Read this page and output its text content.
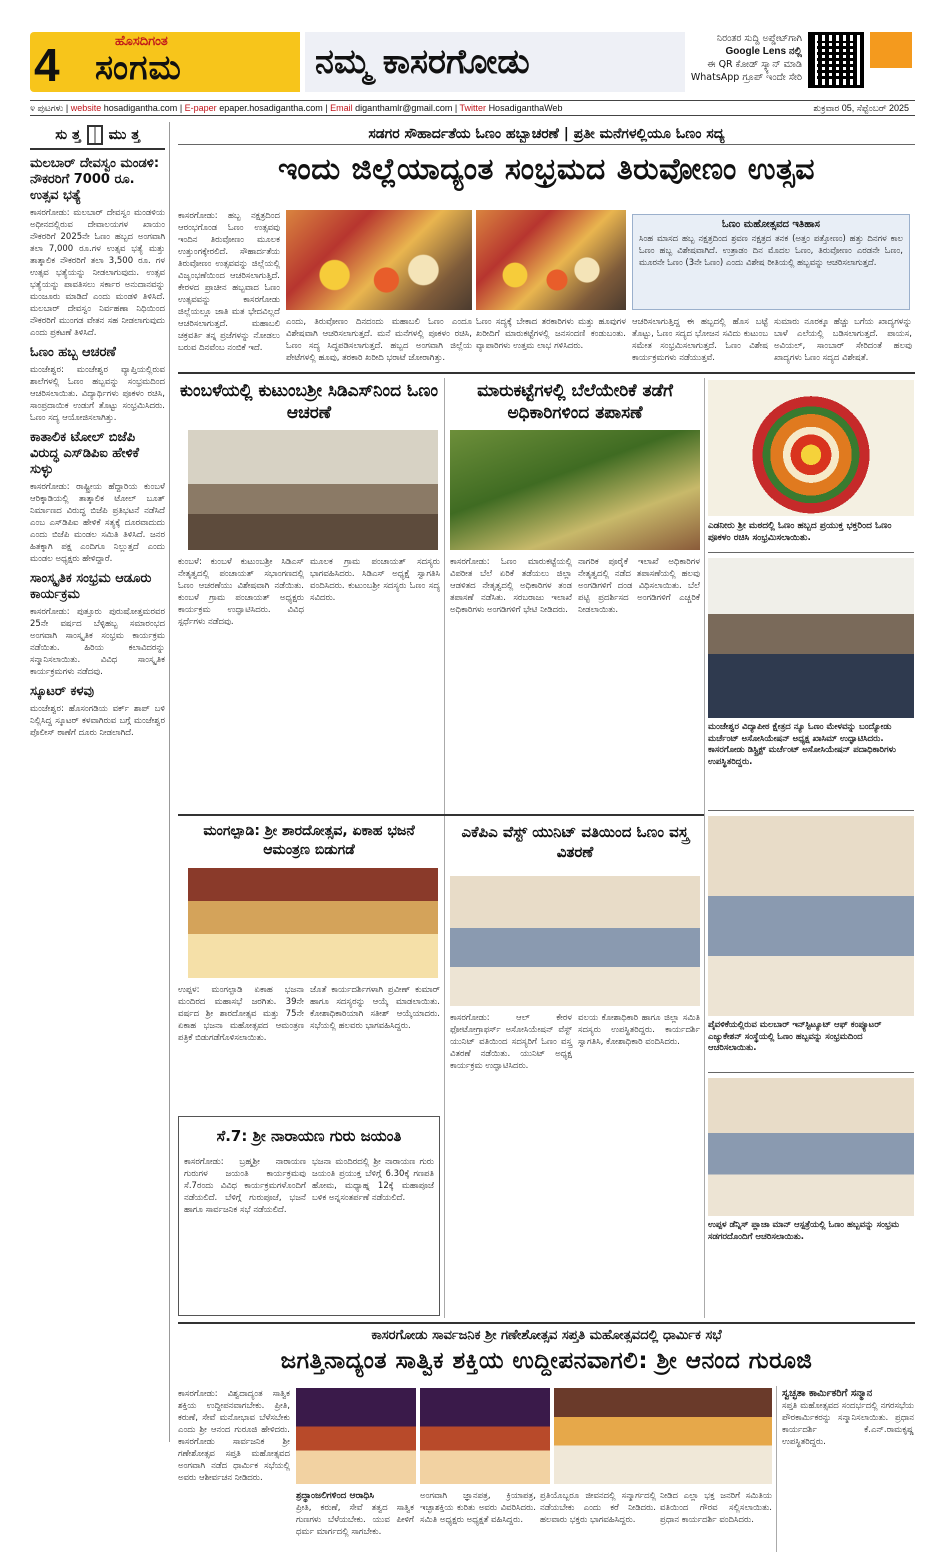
4	ಹೊಸದಿಗಂತ
ಸಂಗಮ	ನಮ್ಮ ಕಾಸರಗೋಡು
ನಿರಂತರ ಸುದ್ದಿ ಅಪ್ಡೇಟ್‌ಗಾಗಿ
Google Lens ನಲ್ಲಿ
ಈ QR ಕೋಡ್ ಸ್ಕ್ಯಾನ್ ಮಾಡಿ
WhatsApp ಗ್ರೂಪ್ ಇಂದೇ ಸೇರಿ
೪ ಪುಟಗಳು | website hosadigantha.com | E-paper epaper.hosadigantha.com | Email diganthamlr@gmail.com | Twitter HosadiganthaWeb	ಶುಕ್ರವಾರ 05, ಸೆಪ್ಟೆಂಬರ್ 2025
ಸು ತ್ತ ಮು ತ್ತ
ಮಲಬಾರ್ ದೇವಸ್ವಂ ಮಂಡಳಿ: ನೌಕರರಿಗೆ 7000 ರೂ. ಉತ್ಸವ ಭತ್ಯೆ
ಕಾಸರಗೋಡು: ಮಲಬಾರ್ ದೇವಸ್ವಂ ಮಂಡಳಿಯ ಅಧೀನದಲ್ಲಿರುವ ದೇವಾಲಯಗಳ ಖಾಯಂ ನೌಕರರಿಗೆ 2025ನೇ ಓಣಂ ಹಬ್ಬದ ಅಂಗವಾಗಿ ತಲಾ 7,000 ರೂ.ಗಳ ಉತ್ಸವ ಭತ್ಯೆ ಮತ್ತು ತಾತ್ಕಾಲಿಕ ನೌಕರರಿಗೆ ತಲಾ 3,500 ರೂ. ಗಳ ಉತ್ಸವ ಭತ್ಯೆಯನ್ನು ನೀಡಲಾಗುವುದು. ಉತ್ಸವ ಭತ್ಯೆಯನ್ನು ಪಾವತಿಸಲು ಸರ್ಕಾರ ಅನುದಾನವನ್ನು ಮಂಜೂರು ಮಾಡಿದೆ ಎಂದು ಮಂಡಳಿ ತಿಳಿಸಿದೆ. ಮಲಬಾರ್ ದೇವಸ್ವಂ ನಿರ್ವಹಣಾ ನಿಧಿಯಿಂದ ನೌಕರರಿಗೆ ಮುಂಗಡ ವೇತನ ಸಹ ನೀಡಲಾಗುವುದು ಎಂದು ಪ್ರಕಟಣೆ ತಿಳಿಸಿದೆ.
ಓಣಂ ಹಬ್ಬ ಆಚರಣೆ
ಮಂಜೇಶ್ವರ: ಮಂಜೇಶ್ವರ ವ್ಯಾಪ್ತಿಯಲ್ಲಿರುವ ಶಾಲೆಗಳಲ್ಲಿ ಓಣಂ ಹಬ್ಬವನ್ನು ಸಂಭ್ರಮದಿಂದ ಆಚರಿಸಲಾಯಿತು. ವಿದ್ಯಾರ್ಥಿಗಳು ಪೂಕಳಂ ರಚಿಸಿ, ಸಾಂಪ್ರದಾಯಿಕ ಉಡುಗೆ ತೊಟ್ಟು ಸಂಭ್ರಮಿಸಿದರು. ಓಣಂ ಸದ್ಯ ಆಯೋಜಿಸಲಾಗಿತ್ತು.
ಕಾತಾಲಿಕ ಟೋಲ್ ಬಿಜೆಪಿ ವಿರುದ್ಧ ಎಸ್‌ಡಿಪಿಐ ಹೇಳಿಕೆ ಸುಳ್ಳು
ಕಾಸರಗೋಡು: ರಾಷ್ಟ್ರೀಯ ಹೆದ್ದಾರಿಯ ಕುಂಬಳೆ ಆರಿಕ್ಕಾಡಿಯಲ್ಲಿ ತಾತ್ಕಾಲಿಕ ಟೋಲ್ ಬೂತ್ ನಿರ್ಮಾಣದ ವಿರುದ್ಧ ಬಿಜೆಪಿ ಪ್ರತಿಭಟನೆ ನಡೆಸಿದೆ ಎಂಬ ಎಸ್‌ಡಿಪಿಐ ಹೇಳಿಕೆ ಸತ್ಯಕ್ಕೆ ದೂರವಾದುದು ಎಂದು ಬಿಜೆಪಿ ಮಂಡಲ ಸಮಿತಿ ತಿಳಿಸಿದೆ. ಜನರ ಹಿತಕ್ಕಾಗಿ ಪಕ್ಷ ಎಂದಿಗೂ ನಿಲ್ಲುತ್ತದೆ ಎಂದು ಮಂಡಲ ಅಧ್ಯಕ್ಷರು ಹೇಳಿದ್ದಾರೆ.
ಸಾಂಸ್ಕೃತಿಕ ಸಂಭ್ರಮ ಆಡೂರು ಕಾರ್ಯಕ್ರಮ
ಕಾಸರಗೋಡು: ಪುತ್ತೂರು ಪುರುಷೋತ್ತಮರವರ 25ನೇ ವರ್ಷದ ಬೆಳ್ಳಿಹಬ್ಬ ಸಮಾರಂಭದ ಅಂಗವಾಗಿ ಸಾಂಸ್ಕೃತಿಕ ಸಂಭ್ರಮ ಕಾರ್ಯಕ್ರಮ ನಡೆಯಿತು. ಹಿರಿಯ ಕಲಾವಿದರನ್ನು ಸನ್ಮಾನಿಸಲಾಯಿತು. ವಿವಿಧ ಸಾಂಸ್ಕೃತಿಕ ಕಾರ್ಯಕ್ರಮಗಳು ನಡೆದವು.
ಸ್ಕೂಟರ್ ಕಳವು
ಮಂಜೇಶ್ವರ: ಹೊಸಂಗಡಿಯ ವರ್ಕ್ ಶಾಪ್ ಬಳಿ ನಿಲ್ಲಿಸಿದ್ದ ಸ್ಕೂಟರ್ ಕಳವಾಗಿರುವ ಬಗ್ಗೆ ಮಂಜೇಶ್ವರ ಪೊಲೀಸ್ ಠಾಣೆಗೆ ದೂರು ನೀಡಲಾಗಿದೆ.
ಸಡಗರ ಸೌಹಾರ್ದತೆಯ ಓಣಂ ಹಬ್ಬಾಚರಣೆ | ಪ್ರತೀ ಮನೆಗಳಲ್ಲಿಯೂ ಓಣಂ ಸದ್ಯ
ಇಂದು ಜಿಲ್ಲೆಯಾದ್ಯಂತ ಸಂಭ್ರಮದ ತಿರುವೋಣಂ ಉತ್ಸವ
ಕಾಸರಗೋಡು: ಹಬ್ಬ ನಕ್ಷತ್ರದಿಂದ ಆರಂಭಗೊಂಡ ಓಣಂ ಉತ್ಸವವು ಇಂದಿನ ತಿರುವೋಣಂ ಮೂಲಕ ಉತ್ತುಂಗಕ್ಕೇರಲಿದೆ. ಸೌಹಾರ್ದತೆಯ ತಿರುವೋಣಂ ಉತ್ಸವವನ್ನು ಜಿಲ್ಲೆಯಲ್ಲಿ ವಿಜೃಂಭಣೆಯಿಂದ ಆಚರಿಸಲಾಗುತ್ತಿದೆ. ಕೇರಳದ ಪ್ರಾಚೀನ ಹಬ್ಬವಾದ ಓಣಂ ಉತ್ಸವವನ್ನು ಕಾಸರಗೋಡು ಜಿಲ್ಲೆಯಲ್ಲೂ ಜಾತಿ ಮತ ಭೇದವಿಲ್ಲದೆ ಆಚರಿಸಲಾಗುತ್ತದೆ. ಮಹಾಬಲಿ ಚಕ್ರವರ್ತಿ ತನ್ನ ಪ್ರಜೆಗಳನ್ನು ನೋಡಲು ಬರುವ ದಿನವೆಂಬ ನಂಬಿಕೆ ಇದೆ.
ಎಂದು, ತಿರುವೋಣಂ ದಿನದಂದು ಮಹಾಬಲಿ ಓಣಂ ಎಂದೂ ವಿಶೇಷವಾಗಿ ಆಚರಿಸಲಾಗುತ್ತದೆ. ಮನೆ ಮನೆಗಳಲ್ಲಿ ಪೂಕಳಂ ರಚಿಸಿ, ಓಣಂ ಸದ್ಯ ಸಿದ್ಧಪಡಿಸಲಾಗುತ್ತದೆ. ಹಬ್ಬದ ಅಂಗವಾಗಿ ಜಿಲ್ಲೆಯ ಪೇಟೆಗಳಲ್ಲಿ ಹೂವು, ತರಕಾರಿ ಖರೀದಿ ಭರಾಟೆ ಜೋರಾಗಿತ್ತು.
ಓಣಂ ಸದ್ಯಕ್ಕೆ ಬೇಕಾದ ತರಕಾರಿಗಳು ಮತ್ತು ಹೂವುಗಳ ಖರೀದಿಗೆ ಮಾರುಕಟ್ಟೆಗಳಲ್ಲಿ ಜನಸಂದಣಿ ಕಂಡುಬಂತು. ವ್ಯಾಪಾರಿಗಳು ಉತ್ತಮ ಲಾಭ ಗಳಿಸಿದರು.
ಓಣಂ ಮಹೋತ್ಸವದ ಇತಿಹಾಸ
ಸಿಂಹ ಮಾಸದ ಹಬ್ಬ ನಕ್ಷತ್ರದಿಂದ ಶ್ರವಣ ನಕ್ಷತ್ರದ ತನಕ (ಅತ್ತಂ ಪತ್ತೋಣಂ) ಹತ್ತು ದಿನಗಳ ಕಾಲ ಓಣಂ ಹಬ್ಬ ವಿಶೇಷವಾಗಿದೆ. ಉತ್ರಾಡಂ ದಿನ ಮೊದಲ ಓಣಂ, ತಿರುವೋಣಂ ಎರಡನೇ ಓಣಂ, ಮೂರನೇ ಓಣಂ (3ನೇ ಓಣಂ) ಎಂದು ವಿಶೇಷ ರೀತಿಯಲ್ಲಿ ಹಬ್ಬವನ್ನು ಆಚರಿಸಲಾಗುತ್ತದೆ.
ಆಚರಿಸಲಾಗುತ್ತಿದ್ದ ಈ ಹಬ್ಬದಲ್ಲಿ ಹೊಸ ಬಟ್ಟೆ ತೊಟ್ಟು, ಓಣಂ ಸದ್ಯದ ಭೋಜನ ಸವಿದು ಕುಟುಂಬ ಸಮೇತ ಸಂಭ್ರಮಿಸಲಾಗುತ್ತದೆ. ಓಣಂ ವಿಶೇಷ ಕಾರ್ಯಕ್ರಮಗಳು ನಡೆಯುತ್ತವೆ.
ಸುಮಾರು ನೂರಕ್ಕೂ ಹೆಚ್ಚು ಬಗೆಯ ಖಾದ್ಯಗಳನ್ನು ಬಾಳೆ ಎಲೆಯಲ್ಲಿ ಬಡಿಸಲಾಗುತ್ತದೆ. ಪಾಯಸ, ಅವಿಯಲ್, ಸಾಂಬಾರ್ ಸೇರಿದಂತೆ ಹಲವು ಖಾದ್ಯಗಳು ಓಣಂ ಸದ್ಯದ ವಿಶೇಷತೆ.
ಕುಂಬಳೆಯಲ್ಲಿ ಕುಟುಂಬಶ್ರೀ ಸಿಡಿಎಸ್‌ನಿಂದ ಓಣಂ ಆಚರಣೆ
ಕುಂಬಳೆ: ಕುಂಬಳೆ ಕುಟುಂಬಶ್ರೀ ಸಿಡಿಎಸ್ ನೇತೃತ್ವದಲ್ಲಿ ಪಂಚಾಯತ್ ಸಭಾಂಗಣದಲ್ಲಿ ಓಣಂ ಆಚರಣೆಯು ವಿಶೇಷವಾಗಿ ನಡೆಯಿತು. ಕುಂಬಳೆ ಗ್ರಾಮ ಪಂಚಾಯತ್ ಅಧ್ಯಕ್ಷರು ಕಾರ್ಯಕ್ರಮ ಉದ್ಘಾಟಿಸಿದರು. ವಿವಿಧ ಸ್ಪರ್ಧೆಗಳು ನಡೆದವು.
ಮೂಲಕ ಗ್ರಾಮ ಪಂಚಾಯತ್ ಸದಸ್ಯರು ಭಾಗವಹಿಸಿದರು. ಸಿಡಿಎಸ್ ಅಧ್ಯಕ್ಷೆ ಸ್ವಾಗತಿಸಿ ವಂದಿಸಿದರು. ಕುಟುಂಬಶ್ರೀ ಸದಸ್ಯರು ಓಣಂ ಸದ್ಯ ಸವಿದರು.
ಮಾರುಕಟ್ಟೆಗಳಲ್ಲಿ ಬೆಲೆಯೇರಿಕೆ ತಡೆಗೆ ಅಧಿಕಾರಿಗಳಿಂದ ತಪಾಸಣೆ
ಕಾಸರಗೋಡು: ಓಣಂ ಮಾರುಕಟ್ಟೆಯಲ್ಲಿ ವಿಪರೀತ ಬೆಲೆ ಏರಿಕೆ ತಡೆಯಲು ಜಿಲ್ಲಾ ಆಡಳಿತದ ನೇತೃತ್ವದಲ್ಲಿ ಅಧಿಕಾರಿಗಳ ತಂಡ ತಪಾಸಣೆ ನಡೆಸಿತು. ಸರಬರಾಜು ಇಲಾಖೆ ಅಧಿಕಾರಿಗಳು ಅಂಗಡಿಗಳಿಗೆ ಭೇಟಿ ನೀಡಿದರು.
ನಾಗರಿಕ ಪೂರೈಕೆ ಇಲಾಖೆ ಅಧಿಕಾರಿಗಳ ನೇತೃತ್ವದಲ್ಲಿ ನಡೆದ ತಪಾಸಣೆಯಲ್ಲಿ ಹಲವು ಅಂಗಡಿಗಳಿಗೆ ದಂಡ ವಿಧಿಸಲಾಯಿತು. ಬೆಲೆ ಪಟ್ಟಿ ಪ್ರದರ್ಶಿಸದ ಅಂಗಡಿಗಳಿಗೆ ಎಚ್ಚರಿಕೆ ನೀಡಲಾಯಿತು.
ಎಡನೀರು ಶ್ರೀ ಮಠದಲ್ಲಿ ಓಣಂ ಹಬ್ಬದ ಪ್ರಯುಕ್ತ ಭಕ್ತರಿಂದ ಓಣಂ ಪೂಕಳಂ ರಚಿಸಿ ಸಂಭ್ರಮಿಸಲಾಯಿತು.
ಮಂಜೇಶ್ವರ ವಿದ್ಯಾಪೀಠ ಕ್ಷೇತ್ರದ ನ್ಯೂ ಓಣಂ ಮೇಳವನ್ನು ಬಂದ್ಯೋಡು ಮರ್ಚೆಂಟ್ ಅಸೋಸಿಯೇಷನ್ ಅಧ್ಯಕ್ಷ ಖಾಸಿಮ್ ಉದ್ಘಾಟಿಸಿದರು. ಕಾಸರಗೋಡು ಡಿಸ್ಟ್ರಿಕ್ಟ್ ಮರ್ಚೆಂಟ್ ಅಸೋಸಿಯೇಷನ್ ಪದಾಧಿಕಾರಿಗಳು ಉಪಸ್ಥಿತರಿದ್ದರು.
ಪೈವಳಿಕೆಯಲ್ಲಿರುವ ಮಲಬಾರ್ ಇನ್‌ಸ್ಟಿಟ್ಯೂಟ್ ಆಫ್ ಕಂಪ್ಯೂಟರ್ ಎಜ್ಯುಕೇಶನ್ ಸಂಸ್ಥೆಯಲ್ಲಿ ಓಣಂ ಹಬ್ಬವನ್ನು ಸಂಭ್ರಮದಿಂದ ಆಚರಿಸಲಾಯಿತು.
ಉಪ್ಪಳ ಡೆನ್ನಿಸ್ ಪ್ಲಾಜಾ ಮಾನ್ ಆಸ್ಪತ್ರೆಯಲ್ಲಿ ಓಣಂ ಹಬ್ಬವನ್ನು ಸಂಭ್ರಮ ಸಡಗರದೊಂದಿಗೆ ಆಚರಿಸಲಾಯಿತು.
ಮಂಗಲ್ಪಾಡಿ: ಶ್ರೀ ಶಾರದೋತ್ಸವ, ಏಕಾಹ ಭಜನೆ ಆಮಂತ್ರಣ ಬಿಡುಗಡೆ
ಉಪ್ಪಳ: ಮಂಗಲ್ಪಾಡಿ ಏಕಾಹ ಭಜನಾ ಮಂದಿರದ ಮಹಾಸಭೆ ಜರಗಿತು. 39ನೇ ವರ್ಷದ ಶ್ರೀ ಶಾರದೋತ್ಸವ ಮತ್ತು 75ನೇ ಏಕಾಹ ಭಜನಾ ಮಹೋತ್ಸವದ ಆಮಂತ್ರಣ ಪತ್ರಿಕೆ ಬಿಡುಗಡೆಗೊಳಿಸಲಾಯಿತು.
ಜೊತೆ ಕಾರ್ಯದರ್ಶಿಗಳಾಗಿ ಪ್ರವೀಣ್ ಕುಮಾರ್ ಹಾಗೂ ಸದಸ್ಯರನ್ನು ಆಯ್ಕೆ ಮಾಡಲಾಯಿತು. ಕೋಶಾಧಿಕಾರಿಯಾಗಿ ಸತೀಶ್ ಆಯ್ಕೆಯಾದರು. ಸಭೆಯಲ್ಲಿ ಹಲವರು ಭಾಗವಹಿಸಿದ್ದರು.
ಎಕೆಪಿಎ ವೆಸ್ಟ್ ಯುನಿಟ್ ವತಿಯಿಂದ ಓಣಂ ವಸ್ತ್ರ ವಿತರಣೆ
ಕಾಸರಗೋಡು: ಆಲ್ ಕೇರಳ ಫೋಟೋಗ್ರಾಫರ್ಸ್ ಅಸೋಸಿಯೇಷನ್ ವೆಸ್ಟ್ ಯುನಿಟ್ ವತಿಯಿಂದ ಸದಸ್ಯರಿಗೆ ಓಣಂ ವಸ್ತ್ರ ವಿತರಣೆ ನಡೆಯಿತು. ಯುನಿಟ್ ಅಧ್ಯಕ್ಷ ಕಾರ್ಯಕ್ರಮ ಉದ್ಘಾಟಿಸಿದರು.
ವಲಯ ಕೋಶಾಧಿಕಾರಿ ಹಾಗೂ ಜಿಲ್ಲಾ ಸಮಿತಿ ಸದಸ್ಯರು ಉಪಸ್ಥಿತರಿದ್ದರು. ಕಾರ್ಯದರ್ಶಿ ಸ್ವಾಗತಿಸಿ, ಕೋಶಾಧಿಕಾರಿ ವಂದಿಸಿದರು.
ಸೆ.7: ಶ್ರೀ ನಾರಾಯಣ ಗುರು ಜಯಂತಿ
ಕಾಸರಗೋಡು: ಬ್ರಹ್ಮಶ್ರೀ ನಾರಾಯಣ ಗುರುಗಳ ಜಯಂತಿ ಕಾರ್ಯಕ್ರಮವು ಸೆ.7ರಂದು ವಿವಿಧ ಕಾರ್ಯಕ್ರಮಗಳೊಂದಿಗೆ ನಡೆಯಲಿದೆ. ಬೆಳಿಗ್ಗೆ ಗುರುಪೂಜೆ, ಭಜನೆ ಹಾಗೂ ಸಾರ್ವಜನಿಕ ಸಭೆ ನಡೆಯಲಿದೆ.
ಭಜನಾ ಮಂದಿರದಲ್ಲಿ ಶ್ರೀ ನಾರಾಯಣ ಗುರು ಜಯಂತಿ ಪ್ರಯುಕ್ತ ಬೆಳಿಗ್ಗೆ 6.30ಕ್ಕೆ ಗಣಪತಿ ಹೋಮ, ಮಧ್ಯಾಹ್ನ 12ಕ್ಕೆ ಮಹಾಪೂಜೆ ಬಳಿಕ ಅನ್ನಸಂತರ್ಪಣೆ ನಡೆಯಲಿದೆ.
ಕಾಸರಗೋಡು ಸಾರ್ವಜನಿಕ ಶ್ರೀ ಗಣೇಶೋತ್ಸವ ಸಪ್ತತಿ ಮಹೋತ್ಸವದಲ್ಲಿ ಧಾರ್ಮಿಕ ಸಭೆ
ಜಗತ್ತಿನಾದ್ಯಂತ ಸಾತ್ವಿಕ ಶಕ್ತಿಯ ಉದ್ದೀಪನವಾಗಲಿ: ಶ್ರೀ ಆನಂದ ಗುರೂಜಿ
ಕಾಸರಗೋಡು: ವಿಶ್ವದಾದ್ಯಂತ ಸಾತ್ವಿಕ ಶಕ್ತಿಯ ಉದ್ದೀಪನವಾಗಬೇಕು. ಪ್ರೀತಿ, ಕರುಣೆ, ಸೇವೆ ಮನೋಭಾವ ಬೆಳೆಸಬೇಕು ಎಂದು ಶ್ರೀ ಆನಂದ ಗುರೂಜಿ ಹೇಳಿದರು. ಕಾಸರಗೋಡು ಸಾರ್ವಜನಿಕ ಶ್ರೀ ಗಣೇಶೋತ್ಸವ ಸಪ್ತತಿ ಮಹೋತ್ಸವದ ಅಂಗವಾಗಿ ನಡೆದ ಧಾರ್ಮಿಕ ಸಭೆಯಲ್ಲಿ ಅವರು ಆಶೀರ್ವಚನ ನೀಡಿದರು.
ಶ್ರದ್ಧಾಂಜಲಿಗಳಿಂದ ಆರಾಧಿಸಿ
ಪ್ರೀತಿ, ಕರುಣೆ, ಸೇವೆ ತತ್ವದ ಸಾತ್ವಿಕ ಗುಣಗಳು ಬೆಳೆಯಬೇಕು. ಯುವ ಪೀಳಿಗೆ ಧರ್ಮ ಮಾರ್ಗದಲ್ಲಿ ಸಾಗಬೇಕು.
ಅಂಗವಾಗಿ ಜ್ಞಾನಪತ್ರ, ಕ್ರಿಯಾಪತ್ರ, ಇಚ್ಛಾಶಕ್ತಿಯ ಕುರಿತು ಅವರು ವಿವರಿಸಿದರು. ಸಮಿತಿ ಅಧ್ಯಕ್ಷರು ಅಧ್ಯಕ್ಷತೆ ವಹಿಸಿದ್ದರು.
ಪ್ರತಿಯೊಬ್ಬರೂ ಜೀವನದಲ್ಲಿ ಸನ್ಮಾರ್ಗದಲ್ಲಿ ನಡೆಯಬೇಕು ಎಂದು ಕರೆ ನೀಡಿದರು. ಹಲವಾರು ಭಕ್ತರು ಭಾಗವಹಿಸಿದ್ದರು.
ನೀಡಿದ ಎಲ್ಲಾ ಭಕ್ತ ಜನರಿಗೆ ಸಮಿತಿಯ ವತಿಯಿಂದ ಗೌರವ ಸಲ್ಲಿಸಲಾಯಿತು. ಪ್ರಧಾನ ಕಾರ್ಯದರ್ಶಿ ವಂದಿಸಿದರು.
ಸ್ವಚ್ಛತಾ ಕಾರ್ಮಿಕರಿಗೆ ಸನ್ಮಾನ
ಸಪ್ತತಿ ಮಹೋತ್ಸವದ ಸಂದರ್ಭದಲ್ಲಿ ನಗರಸಭೆಯ ಪೌರಕಾರ್ಮಿಕರನ್ನು ಸನ್ಮಾನಿಸಲಾಯಿತು. ಪ್ರಧಾನ ಕಾರ್ಯದರ್ಶಿ ಕೆ.ಎನ್.ರಾಮಕೃಷ್ಣ ಉಪಸ್ಥಿತರಿದ್ದರು.
